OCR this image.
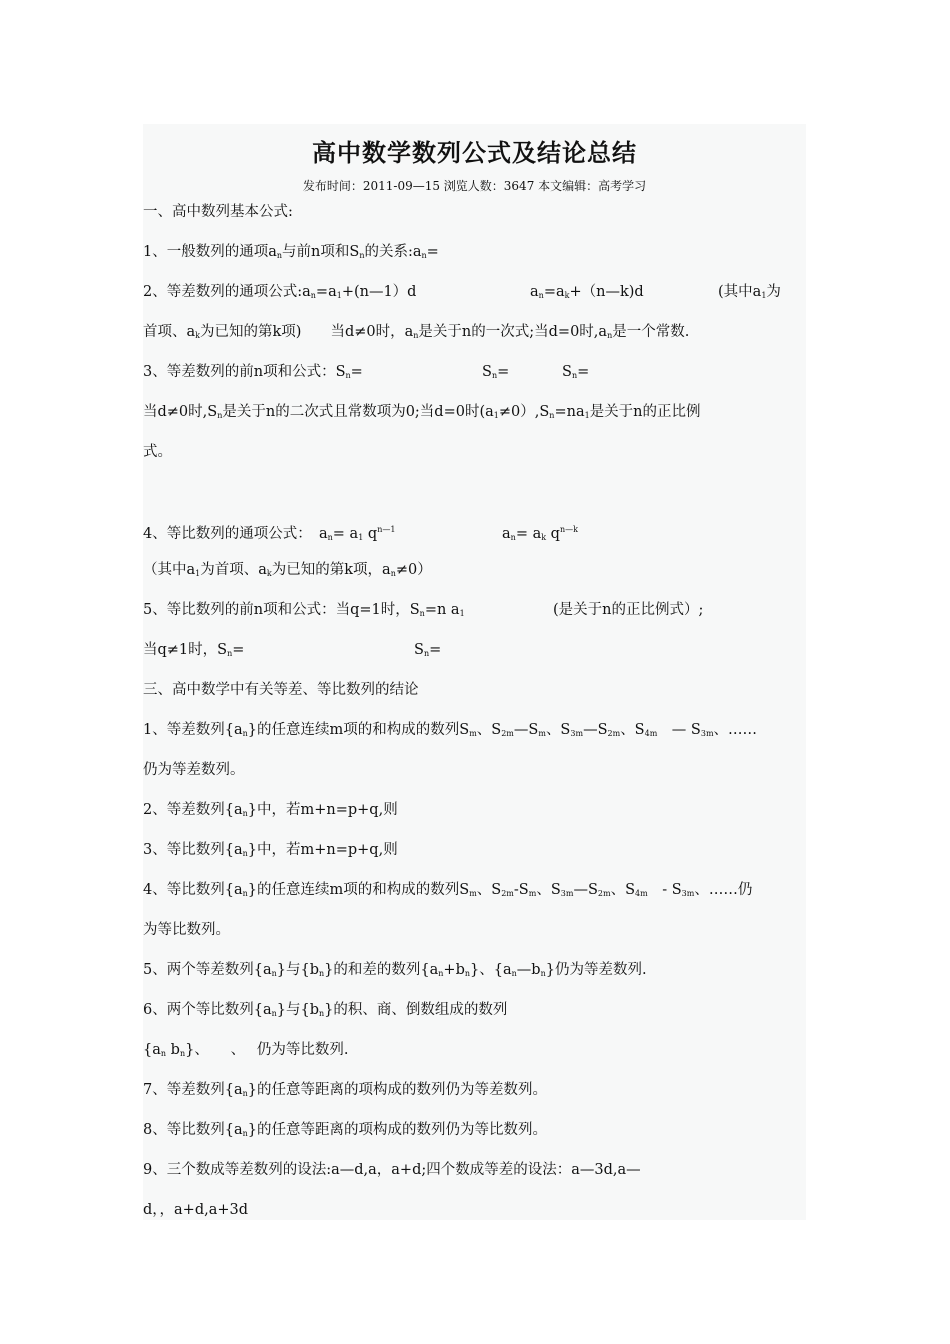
高中数学数列公式及结论总结
发布时间：2011-09—15 浏览人数：3647 本文编辑：高考学习
一、高中数列基本公式:
1、一般数列的通项$a_n$与前n项和$S_n$的关系$:a_n=$
2、等差数列的通项公式$:a_n=a_1+(n—1)d$	$a_n=a_k+(n—k)d$	(其中$a_1$为
首项、$a_k$为已知的第k项)　　当d≠0时，$a_n$是关于n的一次式;当d=0时$,a_n$是一个常数.
3、等差数列的前n项和公式：$S_n=$	$S_n=$	$S_n=$
当d≠0时$,S_n$是关于n的二次式且常数项为0;当d=0时$(a_1\ne 0),S_n=na_1$是关于n的正比例
式。
4、等比数列的通项公式：　$a_n= a_1$ $q^{n—1}$	$a_n= a_k$ $q^{n—k}$
（其中$a_1$为首项、$a_k$为已知的第k项，$a_n\ne 0$）
5、等比数列的前n项和公式：当q=1时，$S_n=n$ $a_1$	(是关于n的正比例式）;
当q≠1时，$S_n=$	$S_n=$
三、高中数学中有关等差、等比数列的结论
1、等差数列$\{a_n\}$的任意连续m项的和构成的数列$S_m$、$S_{2m}—S_m$、$S_{3m}—S_{2m}$、$S_{4m}$　— $S_{3m}$、……
仍为等差数列。
2、等差数列$\{a_n\}$中，若m+n=p+q,则
3、等比数列$\{a_n\}$中，若m+n=p+q,则
4、等比数列$\{a_n\}$的任意连续m项的和构成的数列$S_m$、$S_{2m}-S_m$、$S_{3m}—S_{2m}$、$S_{4m}$　- $S_{3m}$、……仍
为等比数列。
5、两个等差数列$\{a_n\}$与$\{b_n\}$的和差的数列$\{a_n+b_n\}$、$\{a_n—b_n\}$仍为等差数列.
6、两个等比数列$\{a_n\}$与$\{b_n\}$的积、商、倒数组成的数列
{$a_n$ $b_n$}、　　、　 仍为等比数列.
7、等差数列$\{a_n\}$的任意等距离的项构成的数列仍为等差数列。
8、等比数列$\{a_n\}$的任意等距离的项构成的数列仍为等比数列。
9、三个数成等差数列的设法:a—d,a，a+d;四个数成等差的设法：a—3d,a—
d，，a+d,a+3d
